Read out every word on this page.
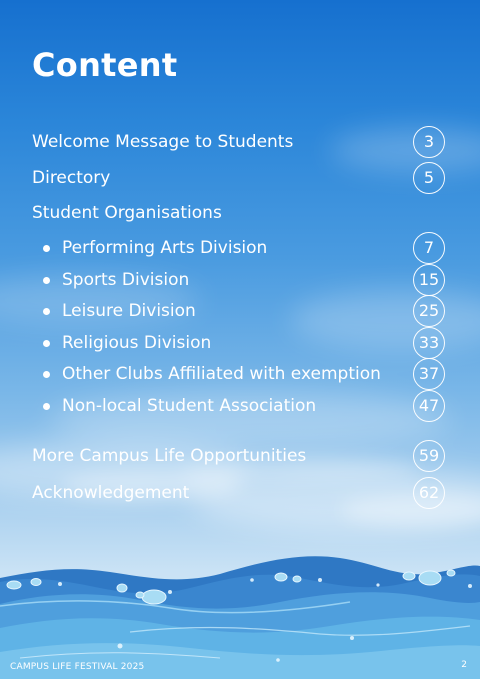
Content
Welcome Message to Students	3
Directory	5
Student Organisations
Performing Arts Division	7
Sports Division	15
Leisure Division	25
Religious Division	33
Other Clubs Affiliated with exemption	37
Non-local Student Association	47
More Campus Life Opportunities	59
Acknowledgement	62
CAMPUS LIFE FESTIVAL 2025	2
